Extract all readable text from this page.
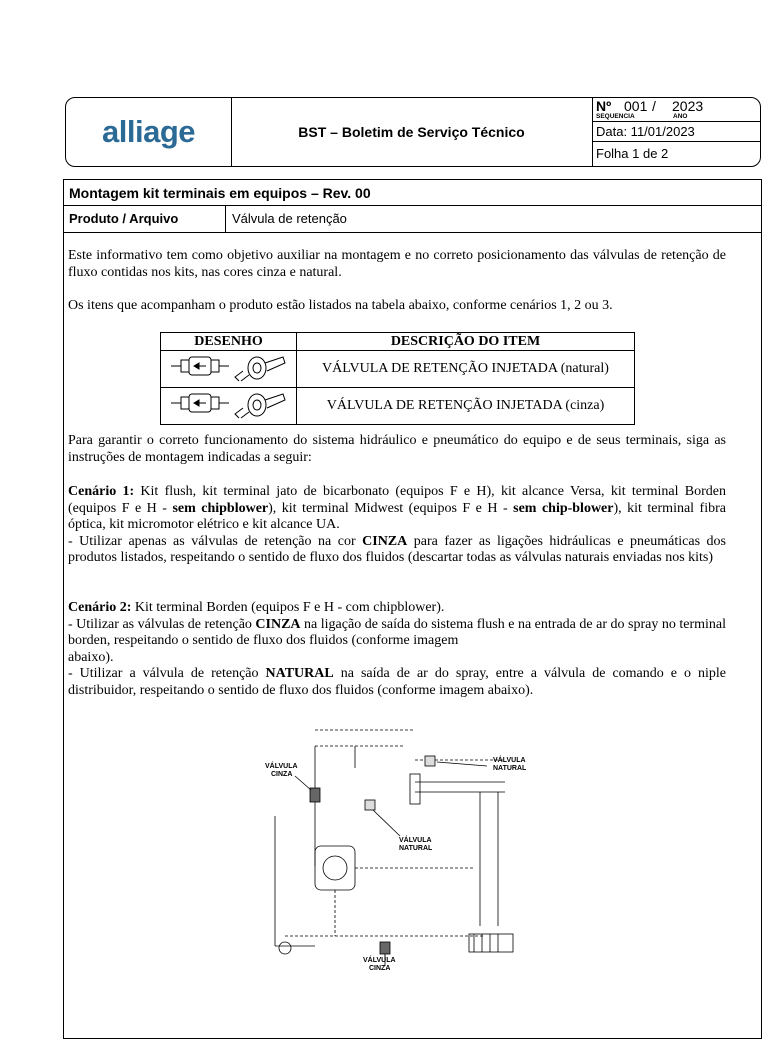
alliage	BST – Boletim de Serviço Técnico
Nº 001 / 2023
SEQUENCIA	ANO
Data: 11/01/2023
Folha 1 de 2
Montagem kit terminais em equipos – Rev. 00
Produto / Arquivo	Válvula de retenção
Este informativo tem como objetivo auxiliar na montagem e no correto posicionamento das válvulas de retenção de fluxo contidas nos kits, nas cores cinza e natural.
Os itens que acompanham o produto estão listados na tabela abaixo, conforme cenários 1, 2 ou 3.
DESENHO	DESCRIÇÃO DO ITEM
	VÁLVULA DE RETENÇÃO INJETADA (natural)
	VÁLVULA DE RETENÇÃO INJETADA (cinza)
Para garantir o correto funcionamento do sistema hidráulico e pneumático do equipo e de seus terminais, siga as instruções de montagem indicadas a seguir:
Cenário 1: Kit flush, kit terminal jato de bicarbonato (equipos F e H), kit alcance Versa, kit terminal Borden (equipos F e H - sem chipblower), kit terminal Midwest (equipos F e H - sem chip-blower), kit terminal fibra óptica, kit micromotor elétrico e kit alcance UA.
- Utilizar apenas as válvulas de retenção na cor CINZA para fazer as ligações hidráulicas e pneumáticas dos produtos listados, respeitando o sentido de fluxo dos fluidos (descartar todas as válvulas naturais enviadas nos kits)
Cenário 2: Kit terminal Borden (equipos F e H - com chipblower).
- Utilizar as válvulas de retenção CINZA na ligação de saída do sistema flush e na entrada de ar do spray no terminal borden, respeitando o sentido de fluxo dos fluidos (conforme imagem
abaixo).
- Utilizar a válvula de retenção NATURAL na saída de ar do spray, entre a válvula de comando e o niple distribuidor, respeitando o sentido de fluxo dos fluidos (conforme imagem abaixo).
VÁLVULA
CINZA
VÁLVULA
NATURAL
VÁLVULA
NATURAL
VÁLVULA
CINZA
